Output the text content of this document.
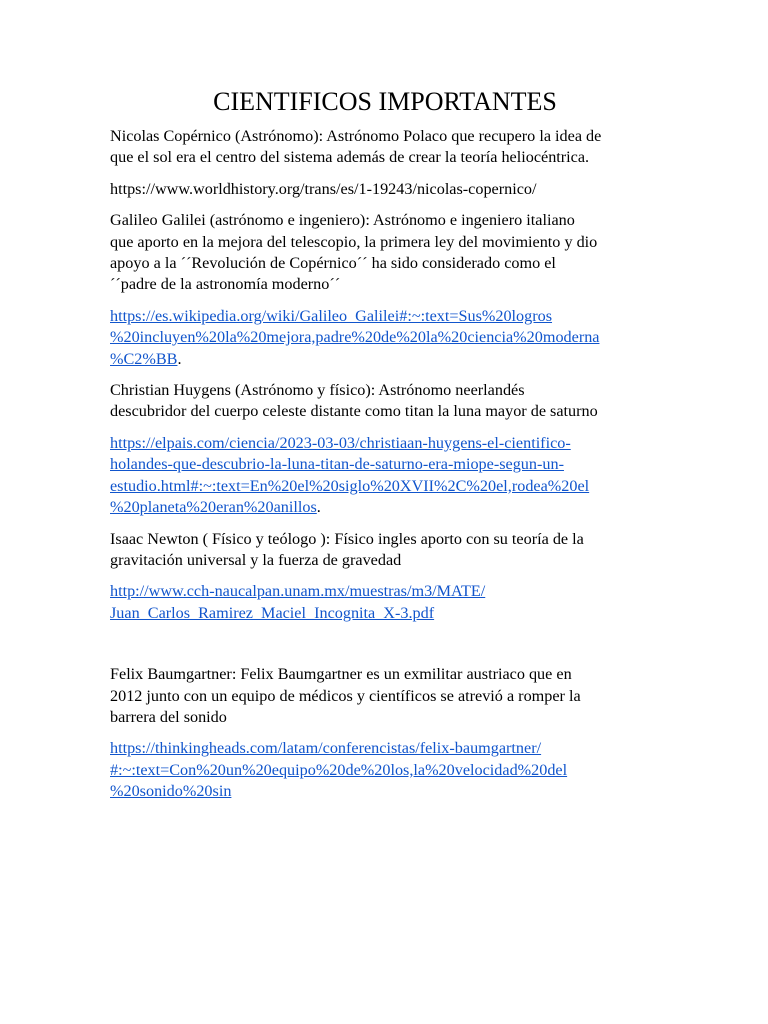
CIENTIFICOS IMPORTANTES

Nicolas Copérnico (Astrónomo): Astrónomo Polaco que recupero la idea de
que el sol era el centro del sistema además de crear la teoría heliocéntrica.

https://www.worldhistory.org/trans/es/1-19243/nicolas-copernico/

Galileo Galilei (astrónomo e ingeniero): Astrónomo e ingeniero italiano
que aporto en la mejora del telescopio, la primera ley del movimiento y dio
apoyo a la ´´Revolución de Copérnico´´ ha sido considerado como el
´´padre de la astronomía moderno´´

https://es.wikipedia.org/wiki/Galileo_Galilei#:~:text=Sus%20logros
%20incluyen%20la%20mejora,padre%20de%20la%20ciencia%20moderna
%C2%BB.

Christian Huygens (Astrónomo y físico): Astrónomo neerlandés
descubridor del cuerpo celeste distante como titan la luna mayor de saturno

https://elpais.com/ciencia/2023-03-03/christiaan-huygens-el-cientifico-
holandes-que-descubrio-la-luna-titan-de-saturno-era-miope-segun-un-
estudio.html#:~:text=En%20el%20siglo%20XVII%2C%20el,rodea%20el
%20planeta%20eran%20anillos.

Isaac Newton ( Físico y teólogo ): Físico ingles aporto con su teoría de la
gravitación universal y la fuerza de gravedad

http://www.cch-naucalpan.unam.mx/muestras/m3/MATE/
Juan_Carlos_Ramirez_Maciel_Incognita_X-3.pdf

Felix Baumgartner: Felix Baumgartner es un exmilitar austriaco que en
2012 junto con un equipo de médicos y científicos se atrevió a romper la
barrera del sonido

https://thinkingheads.com/latam/conferencistas/felix-baumgartner/
#:~:text=Con%20un%20equipo%20de%20los,la%20velocidad%20del
%20sonido%20sin
